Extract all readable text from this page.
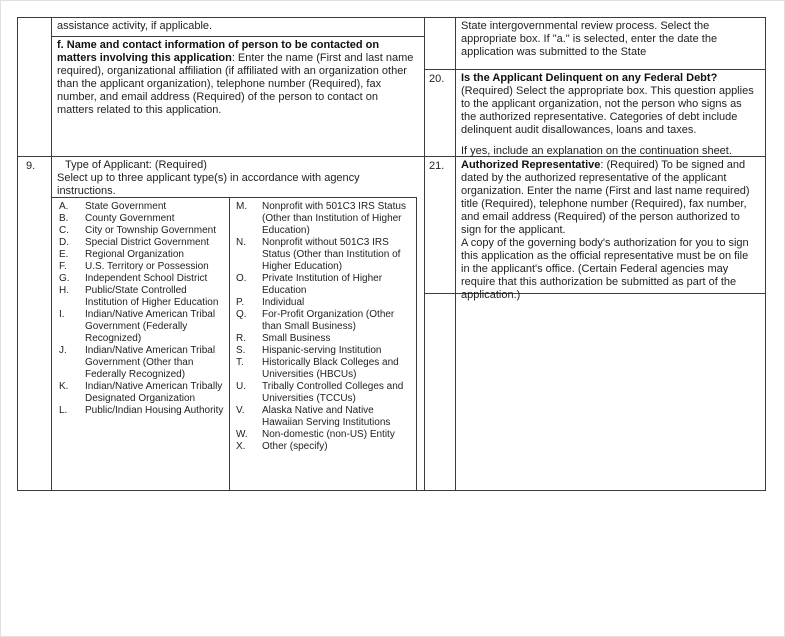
assistance activity, if applicable.

f. Name and contact information of person to be contacted on matters involving this application: Enter the name (First and last name required), organizational affiliation (if affiliated with an organization other than the applicant organization), telephone number (Required), fax number, and email address (Required) of the person to contact on matters related to this application.

9.	Type of Applicant: (Required)
Select up to three applicant type(s) in accordance with agency instructions.
A.	State Government
B.	County Government
C.	City or Township Government
D.	Special District Government
E.	Regional Organization
F.	U.S. Territory or Possession
G.	Independent School District
H.	Public/State Controlled Institution of Higher Education
I.	Indian/Native American Tribal Government (Federally Recognized)
J.	Indian/Native American Tribal Government (Other than Federally Recognized)
K.	Indian/Native American Tribally Designated Organization
L.	Public/Indian Housing Authority
M.	Nonprofit with 501C3 IRS Status (Other than Institution of Higher Education)
N.	Nonprofit without 501C3 IRS Status (Other than Institution of Higher Education)
O.	Private Institution of Higher Education
P.	Individual
Q.	For-Profit Organization (Other than Small Business)
R.	Small Business
S.	Hispanic-serving Institution
T.	Historically Black Colleges and Universities (HBCUs)
U.	Tribally Controlled Colleges and Universities (TCCUs)
V.	Alaska Native and Native Hawaiian Serving Institutions
W.	Non-domestic (non-US) Entity
X.	Other (specify)

State intergovernmental review process. Select the appropriate box. If "a." is selected, enter the date the application was submitted to the State

20.	Is the Applicant Delinquent on any Federal Debt?
(Required) Select the appropriate box. This question applies to the applicant organization, not the person who signs as the authorized representative. Categories of debt include delinquent audit disallowances, loans and taxes.

If yes, include an explanation on the continuation sheet.

21.	Authorized Representative: (Required) To be signed and dated by the authorized representative of the applicant organization. Enter the name (First and last name required) title (Required), telephone number (Required), fax number, and email address (Required) of the person authorized to sign for the applicant.

A copy of the governing body's authorization for you to sign this application as the official representative must be on file in the applicant's office. (Certain Federal agencies may require that this authorization be submitted as part of the application.)
